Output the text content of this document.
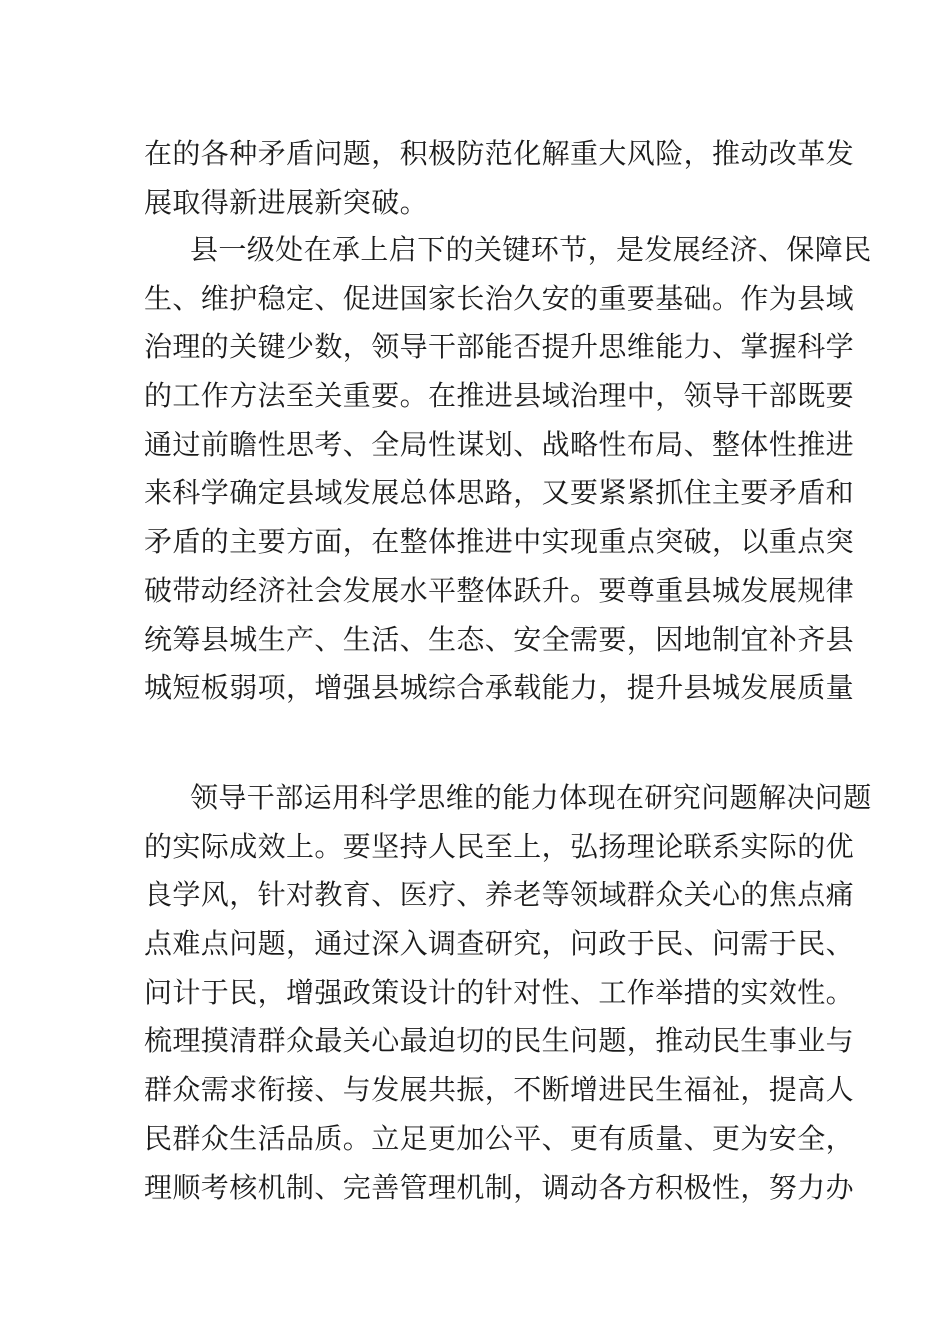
在的各种矛盾问题，积极防范化解重大风险，推动改革发
展取得新进展新突破。
县一级处在承上启下的关键环节，是发展经济、保障民
生、维护稳定、促进国家长治久安的重要基础。作为县域
治理的关键少数，领导干部能否提升思维能力、掌握科学
的工作方法至关重要。在推进县域治理中，领导干部既要
通过前瞻性思考、全局性谋划、战略性布局、整体性推进
来科学确定县域发展总体思路，又要紧紧抓住主要矛盾和
矛盾的主要方面，在整体推进中实现重点突破，以重点突
破带动经济社会发展水平整体跃升。要尊重县城发展规律
统筹县城生产、生活、生态、安全需要，因地制宜补齐县
城短板弱项，增强县城综合承载能力，提升县城发展质量
领导干部运用科学思维的能力体现在研究问题解决问题
的实际成效上。要坚持人民至上，弘扬理论联系实际的优
良学风，针对教育、医疗、养老等领域群众关心的焦点痛
点难点问题，通过深入调查研究，问政于民、问需于民、
问计于民，增强政策设计的针对性、工作举措的实效性。
梳理摸清群众最关心最迫切的民生问题，推动民生事业与
群众需求衔接、与发展共振，不断增进民生福祉，提高人
民群众生活品质。立足更加公平、更有质量、更为安全，
理顺考核机制、完善管理机制，调动各方积极性，努力办
